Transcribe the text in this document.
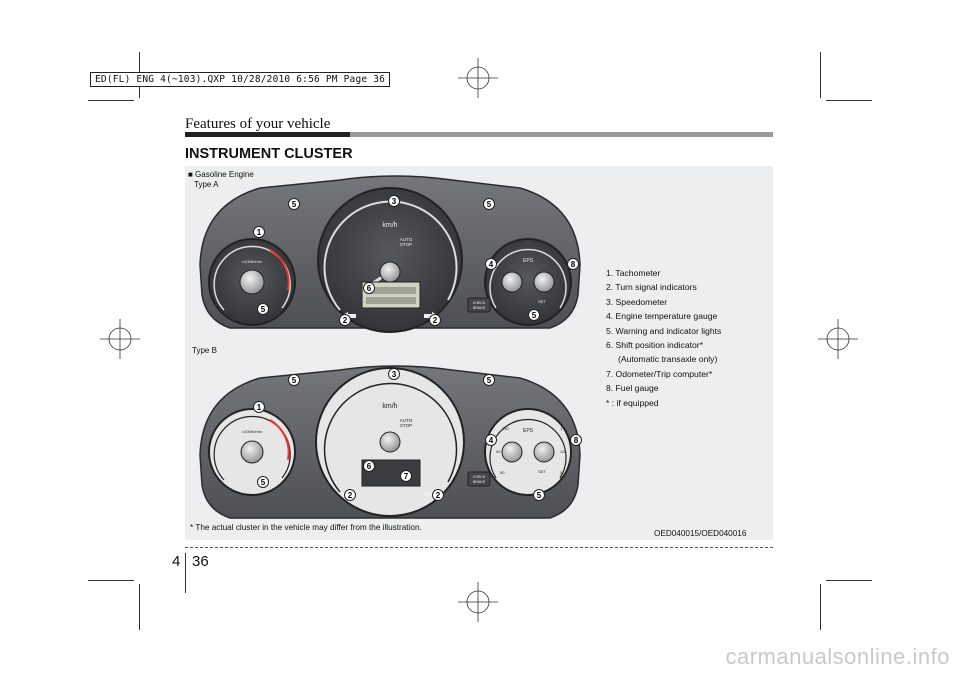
ED(FL) ENG 4(~103).QXP 10/28/2010 6:56 PM Page 36
Features of your vehicle
INSTRUMENT CLUSTER
■ Gasoline Engine
Type A
Type B
km/h
AUTO
STOP
x1000r/min	EPS
SET
CHECK
BRAKE
km/h
AUTO
STOP
x1000r/min	EPS
SET
130
90
50
1
1/2
0
CHECK
BRAKE
1
2	2
3
4
5	5
5
5
6
8
1
2	2
3
4
5	5
5
5
6
7
8
1. Tachometer
2. Turn signal indicators
3. Speedometer
4. Engine temperature gauge
5. Warning and indicator lights
6. Shift position indicator*
(Automatic transaxle only)
7. Odometer/Trip computer*
8. Fuel gauge
* : if equipped
* The actual cluster in the vehicle may differ from the illustration.
OED040015/OED040016
4 36
carmanualsonline.info
